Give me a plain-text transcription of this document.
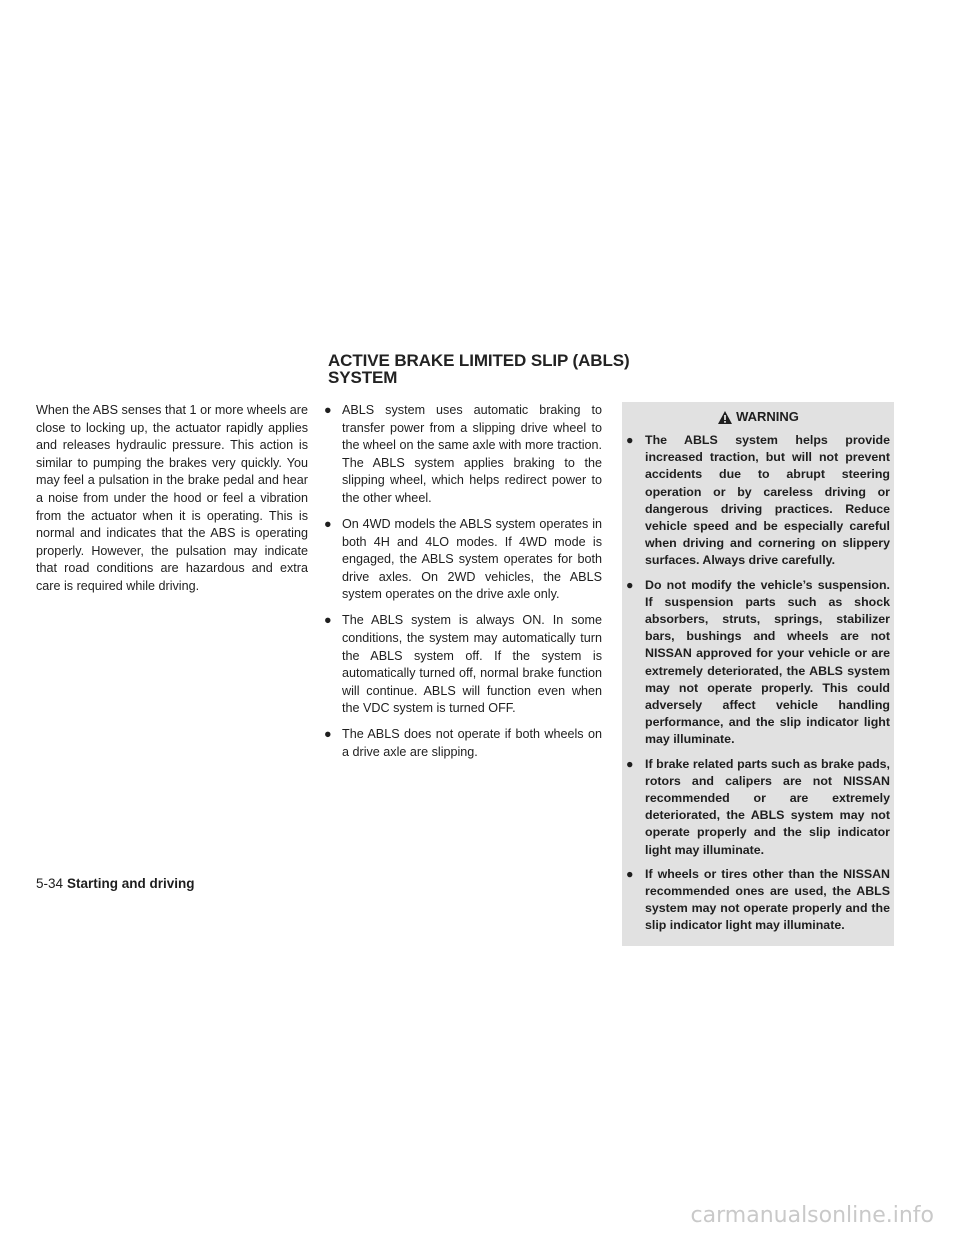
ACTIVE BRAKE LIMITED SLIP (ABLS)
SYSTEM

When the ABS senses that 1 or more wheels are close to locking up, the actuator rapidly applies and releases hydraulic pressure. This action is similar to pumping the brakes very quickly. You may feel a pulsation in the brake pedal and hear a noise from under the hood or feel a vibration from the actuator when it is operating. This is normal and indicates that the ABS is operating properly. However, the pulsation may indicate that road conditions are hazardous and extra care is required while driving.

● ABLS system uses automatic braking to transfer power from a slipping drive wheel to the wheel on the same axle with more traction. The ABLS system applies braking to the slipping wheel, which helps redirect power to the other wheel.
● On 4WD models the ABLS system operates in both 4H and 4LO modes. If 4WD mode is engaged, the ABLS system operates for both drive axles. On 2WD vehicles, the ABLS system operates on the drive axle only.
● The ABLS system is always ON. In some conditions, the system may automatically turn the ABLS system off. If the system is automatically turned off, normal brake function will continue. ABLS will function even when the VDC system is turned OFF.
● The ABLS does not operate if both wheels on a drive axle are slipping.
WARNING
● The ABLS system helps provide increased traction, but will not prevent accidents due to abrupt steering operation or by careless driving or dangerous driving practices. Reduce vehicle speed and be especially careful when driving and cornering on slippery surfaces. Always drive carefully.
● Do not modify the vehicle’s suspension. If suspension parts such as shock absorbers, struts, springs, stabilizer bars, bushings and wheels are not NISSAN approved for your vehicle or are extremely deteriorated, the ABLS system may not operate properly. This could adversely affect vehicle handling performance, and the slip indicator light may illuminate.
● If brake related parts such as brake pads, rotors and calipers are not NISSAN recommended or are extremely deteriorated, the ABLS system may not operate properly and the slip indicator light may illuminate.
● If wheels or tires other than the NISSAN recommended ones are used, the ABLS system may not operate properly and the slip indicator light may illuminate.
5-34 Starting and driving
carmanualsonline.info
